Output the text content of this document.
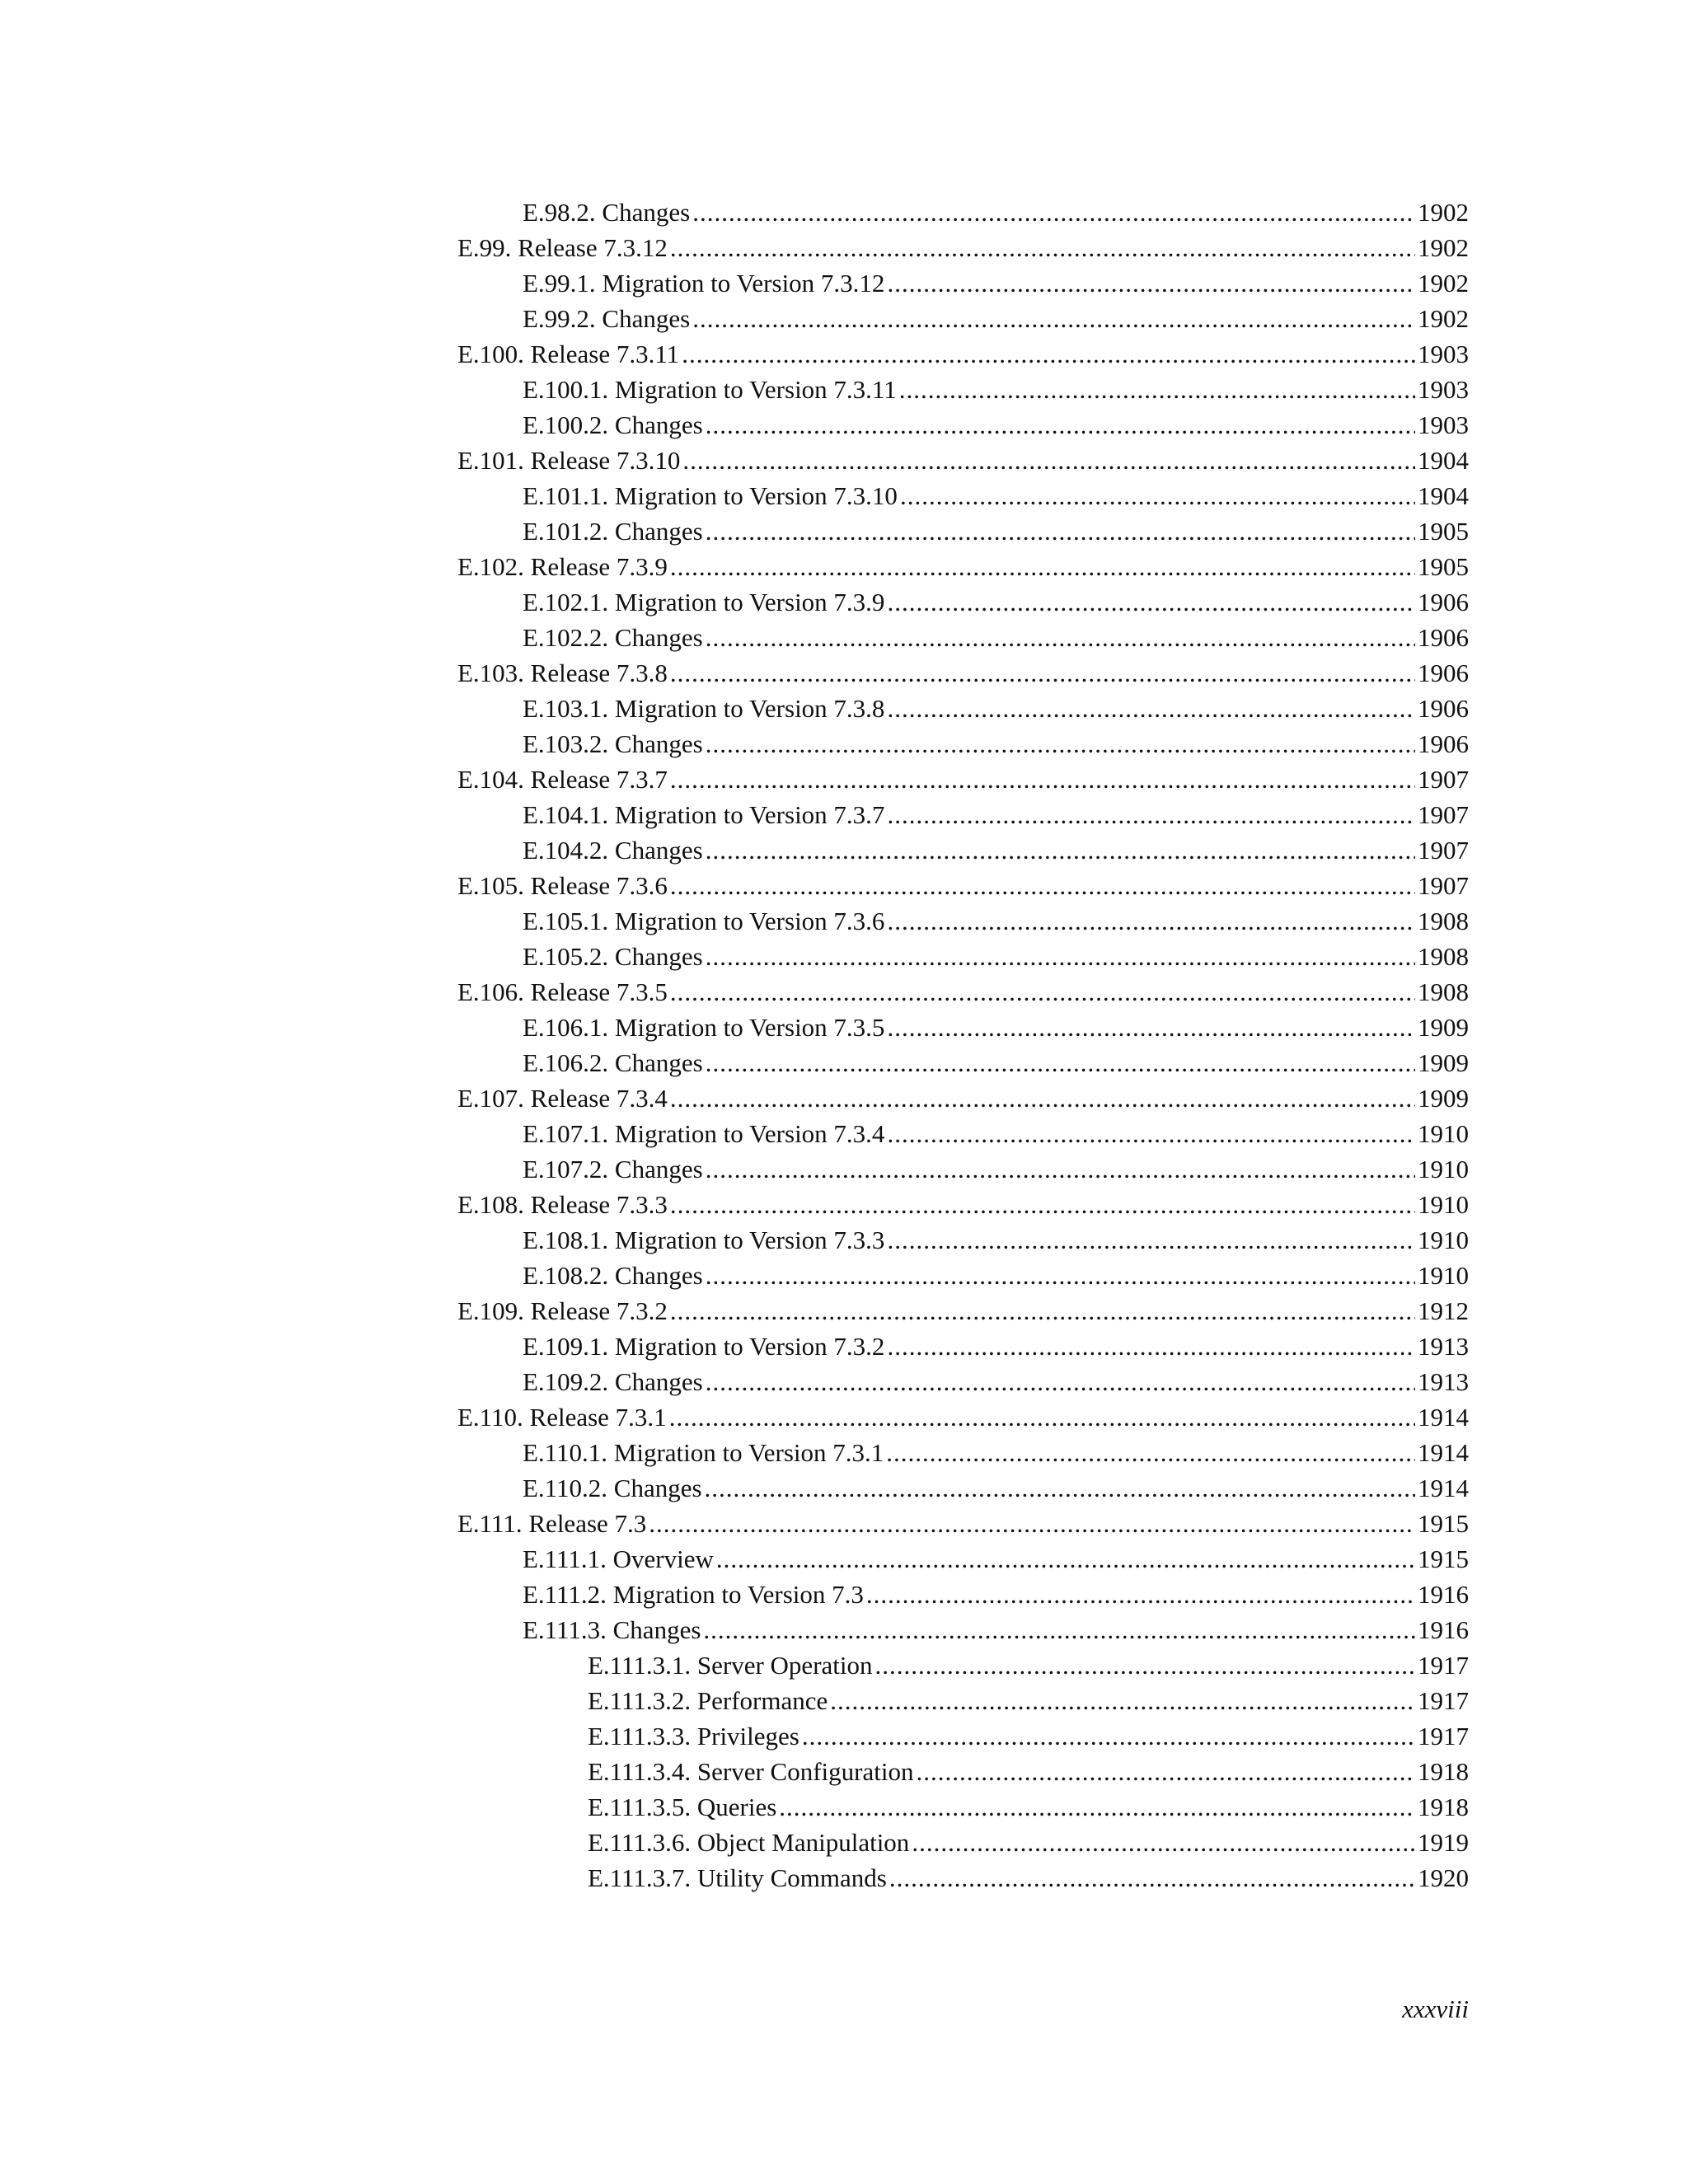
E.98.2. Changes .....	1902
E.99. Release 7.3.12 .....	1902
E.99.1. Migration to Version 7.3.12 .....	1902
E.99.2. Changes .....	1902
E.100. Release 7.3.11 .....	1903
E.100.1. Migration to Version 7.3.11 .....	1903
E.100.2. Changes .....	1903
E.101. Release 7.3.10 .....	1904
E.101.1. Migration to Version 7.3.10 .....	1904
E.101.2. Changes .....	1905
E.102. Release 7.3.9 .....	1905
E.102.1. Migration to Version 7.3.9 .....	1906
E.102.2. Changes .....	1906
E.103. Release 7.3.8 .....	1906
E.103.1. Migration to Version 7.3.8 .....	1906
E.103.2. Changes .....	1906
E.104. Release 7.3.7 .....	1907
E.104.1. Migration to Version 7.3.7 .....	1907
E.104.2. Changes .....	1907
E.105. Release 7.3.6 .....	1907
E.105.1. Migration to Version 7.3.6 .....	1908
E.105.2. Changes .....	1908
E.106. Release 7.3.5 .....	1908
E.106.1. Migration to Version 7.3.5 .....	1909
E.106.2. Changes .....	1909
E.107. Release 7.3.4 .....	1909
E.107.1. Migration to Version 7.3.4 .....	1910
E.107.2. Changes .....	1910
E.108. Release 7.3.3 .....	1910
E.108.1. Migration to Version 7.3.3 .....	1910
E.108.2. Changes .....	1910
E.109. Release 7.3.2 .....	1912
E.109.1. Migration to Version 7.3.2 .....	1913
E.109.2. Changes .....	1913
E.110. Release 7.3.1 .....	1914
E.110.1. Migration to Version 7.3.1 .....	1914
E.110.2. Changes .....	1914
E.111. Release 7.3 .....	1915
E.111.1. Overview .....	1915
E.111.2. Migration to Version 7.3 .....	1916
E.111.3. Changes .....	1916
E.111.3.1. Server Operation .....	1917
E.111.3.2. Performance .....	1917
E.111.3.3. Privileges .....	1917
E.111.3.4. Server Configuration .....	1918
E.111.3.5. Queries .....	1918
E.111.3.6. Object Manipulation .....	1919
E.111.3.7. Utility Commands .....	1920
xxxviii
